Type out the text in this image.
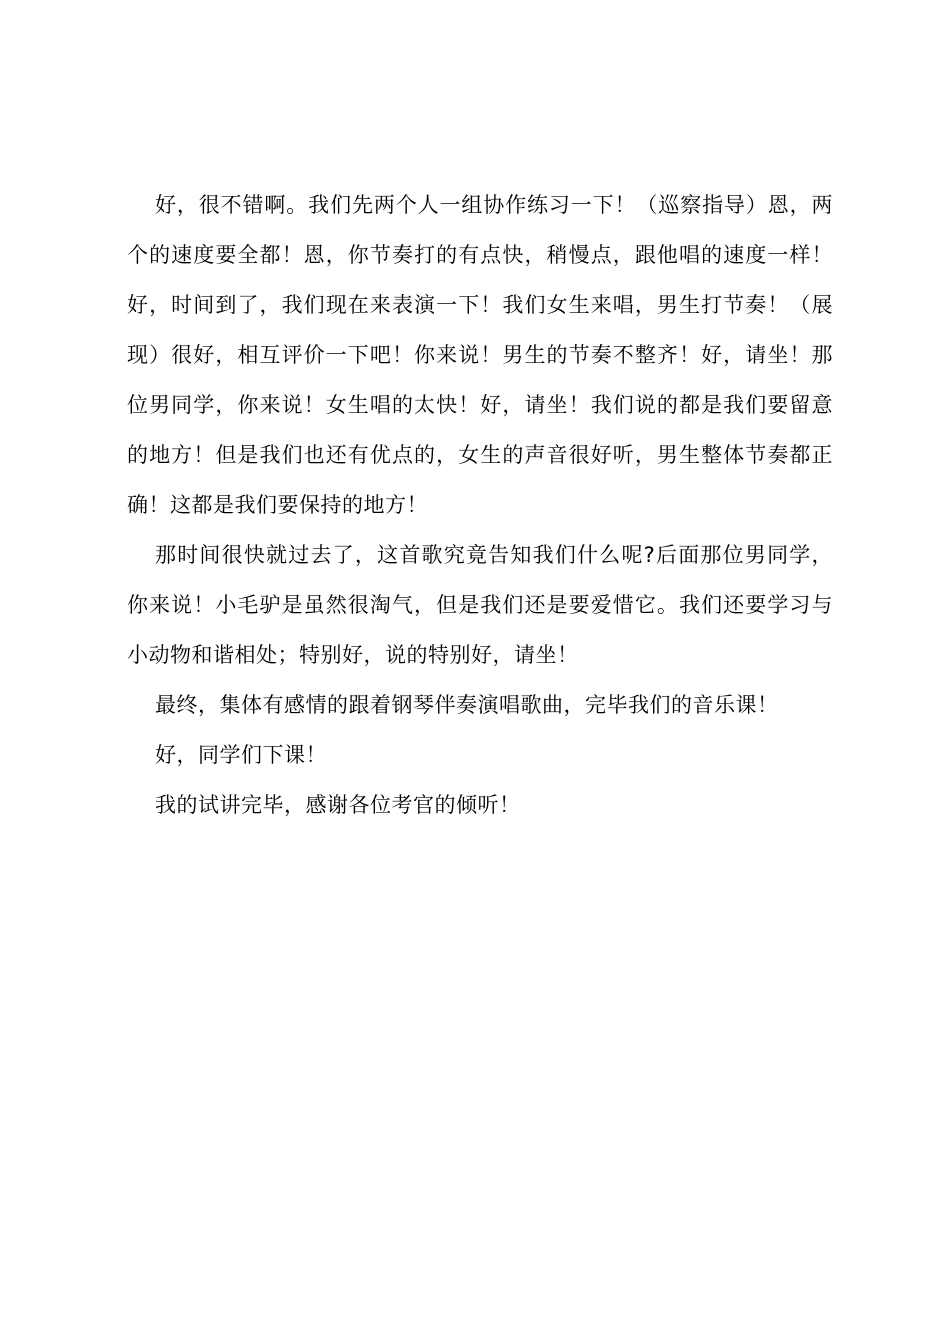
好，很不错啊。我们先两个人一组协作练习一下！（巡察指导）恩，两个的速度要全都！恩，你节奏打的有点快，稍慢点，跟他唱的速度一样！好，时间到了，我们现在来表演一下！我们女生来唱，男生打节奏！（展现）很好，相互评价一下吧！你来说！男生的节奏不整齐！好，请坐！那位男同学，你来说！女生唱的太快！好，请坐！我们说的都是我们要留意的地方！但是我们也还有优点的，女生的声音很好听，男生整体节奏都正确！这都是我们要保持的地方！

那时间很快就过去了，这首歌究竟告知我们什么呢?后面那位男同学，你来说！小毛驴是虽然很淘气，但是我们还是要爱惜它。我们还要学习与小动物和谐相处；特别好，说的特别好，请坐！

最终，集体有感情的跟着钢琴伴奏演唱歌曲，完毕我们的音乐课！

好，同学们下课！

我的试讲完毕，感谢各位考官的倾听！
